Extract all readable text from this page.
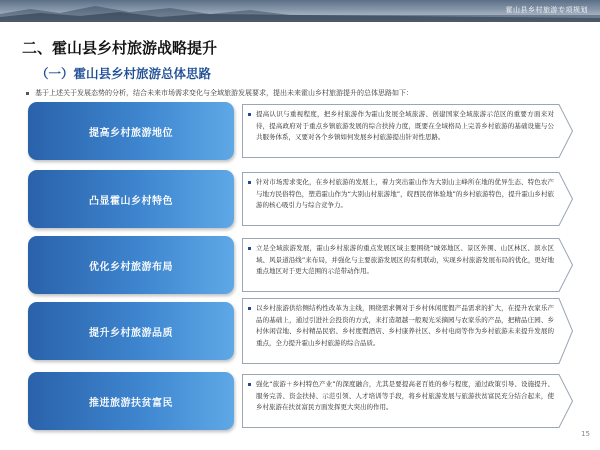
霍山县乡村旅游专项规划
二、霍山县乡村旅游战略提升
（一）霍山县乡村旅游总体思路
基于上述关于发展态势的分析，结合未来市场需求变化与全域旅游发展要求，提出未来霍山乡村旅游提升的总体思路如下：
提高乡村旅游地位
提高认识与重视程度，把乡村旅游作为霍山发展全域旅游、创建国家全域旅游示范区的重要方面来对待，提高政府对于重点乡镇旅游发展的综合扶持力度，既要在全域格局上完善乡村旅游的基础设施与公共服务体系，又要对各个乡镇如何发展乡村旅游提出针对性思路。
凸显霍山乡村特色
针对市场需求变化，在乡村旅游的发展上，着力突出霍山作为大别山主峰所在地的优异生态、特色农产与地方民俗特色，塑造霍山作为“大别山村旅游地”，皖西民宿体验地”的乡村旅游特色，提升霍山乡村旅游的核心吸引力与综合竞争力。
优化乡村旅游布局
立足全域旅游发展，霍山乡村旅游的重点发展区域主要围绕“城郊地区、景区外围、山区林区、滨水区域、风景道沿线”来布局，并强化与主要旅游发展区的有机联动，实现乡村旅游发展布局的优化，更好地重点地区对于更大范围的示范带动作用。
提升乡村旅游品质
以乡村旅游供给侧结构性改革为主线，围绕需求侧对于乡村休闲度假产品需求的扩大，在提升农家乐产品的基础上，通过引进社会投资的方式，来打造超越一般观光采摘园与农家乐的产品，把精品庄园、乡村休闲营地、乡村精品民宿、乡村度假酒店、乡村康养社区、乡村电商等作为乡村旅游未来提升发展的重点，全力提升霍山乡村旅游的综合品质。
推进旅游扶贫富民
强化“旅游＋乡村特色产业”的深度融合，尤其是要提高老百姓的参与程度，通过政策引导、设施提升、服务完善、资金扶持、示范引领、人才培训等手段，将乡村旅游发展与旅游扶贫富民充分结合起来，使乡村旅游在扶贫富民方面发挥更大突出的作用。
15
